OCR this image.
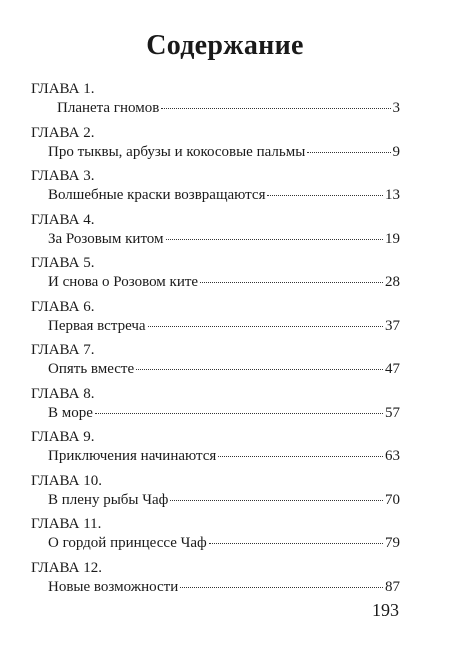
Содержание
ГЛАВА 1.
Планета гномов	3
ГЛАВА 2.
Про тыквы, арбузы и кокосовые пальмы	9
ГЛАВА 3.
Волшебные краски возвращаются	13
ГЛАВА 4.
За Розовым китом	19
ГЛАВА 5.
И снова о Розовом ките	28
ГЛАВА 6.
Первая встреча	37
ГЛАВА 7.
Опять вместе	47
ГЛАВА 8.
В море	57
ГЛАВА 9.
Приключения начинаются	63
ГЛАВА 10.
В плену рыбы Чаф	70
ГЛАВА 11.
О гордой принцессе Чаф	79
ГЛАВА 12.
Новые возможности	87
193
